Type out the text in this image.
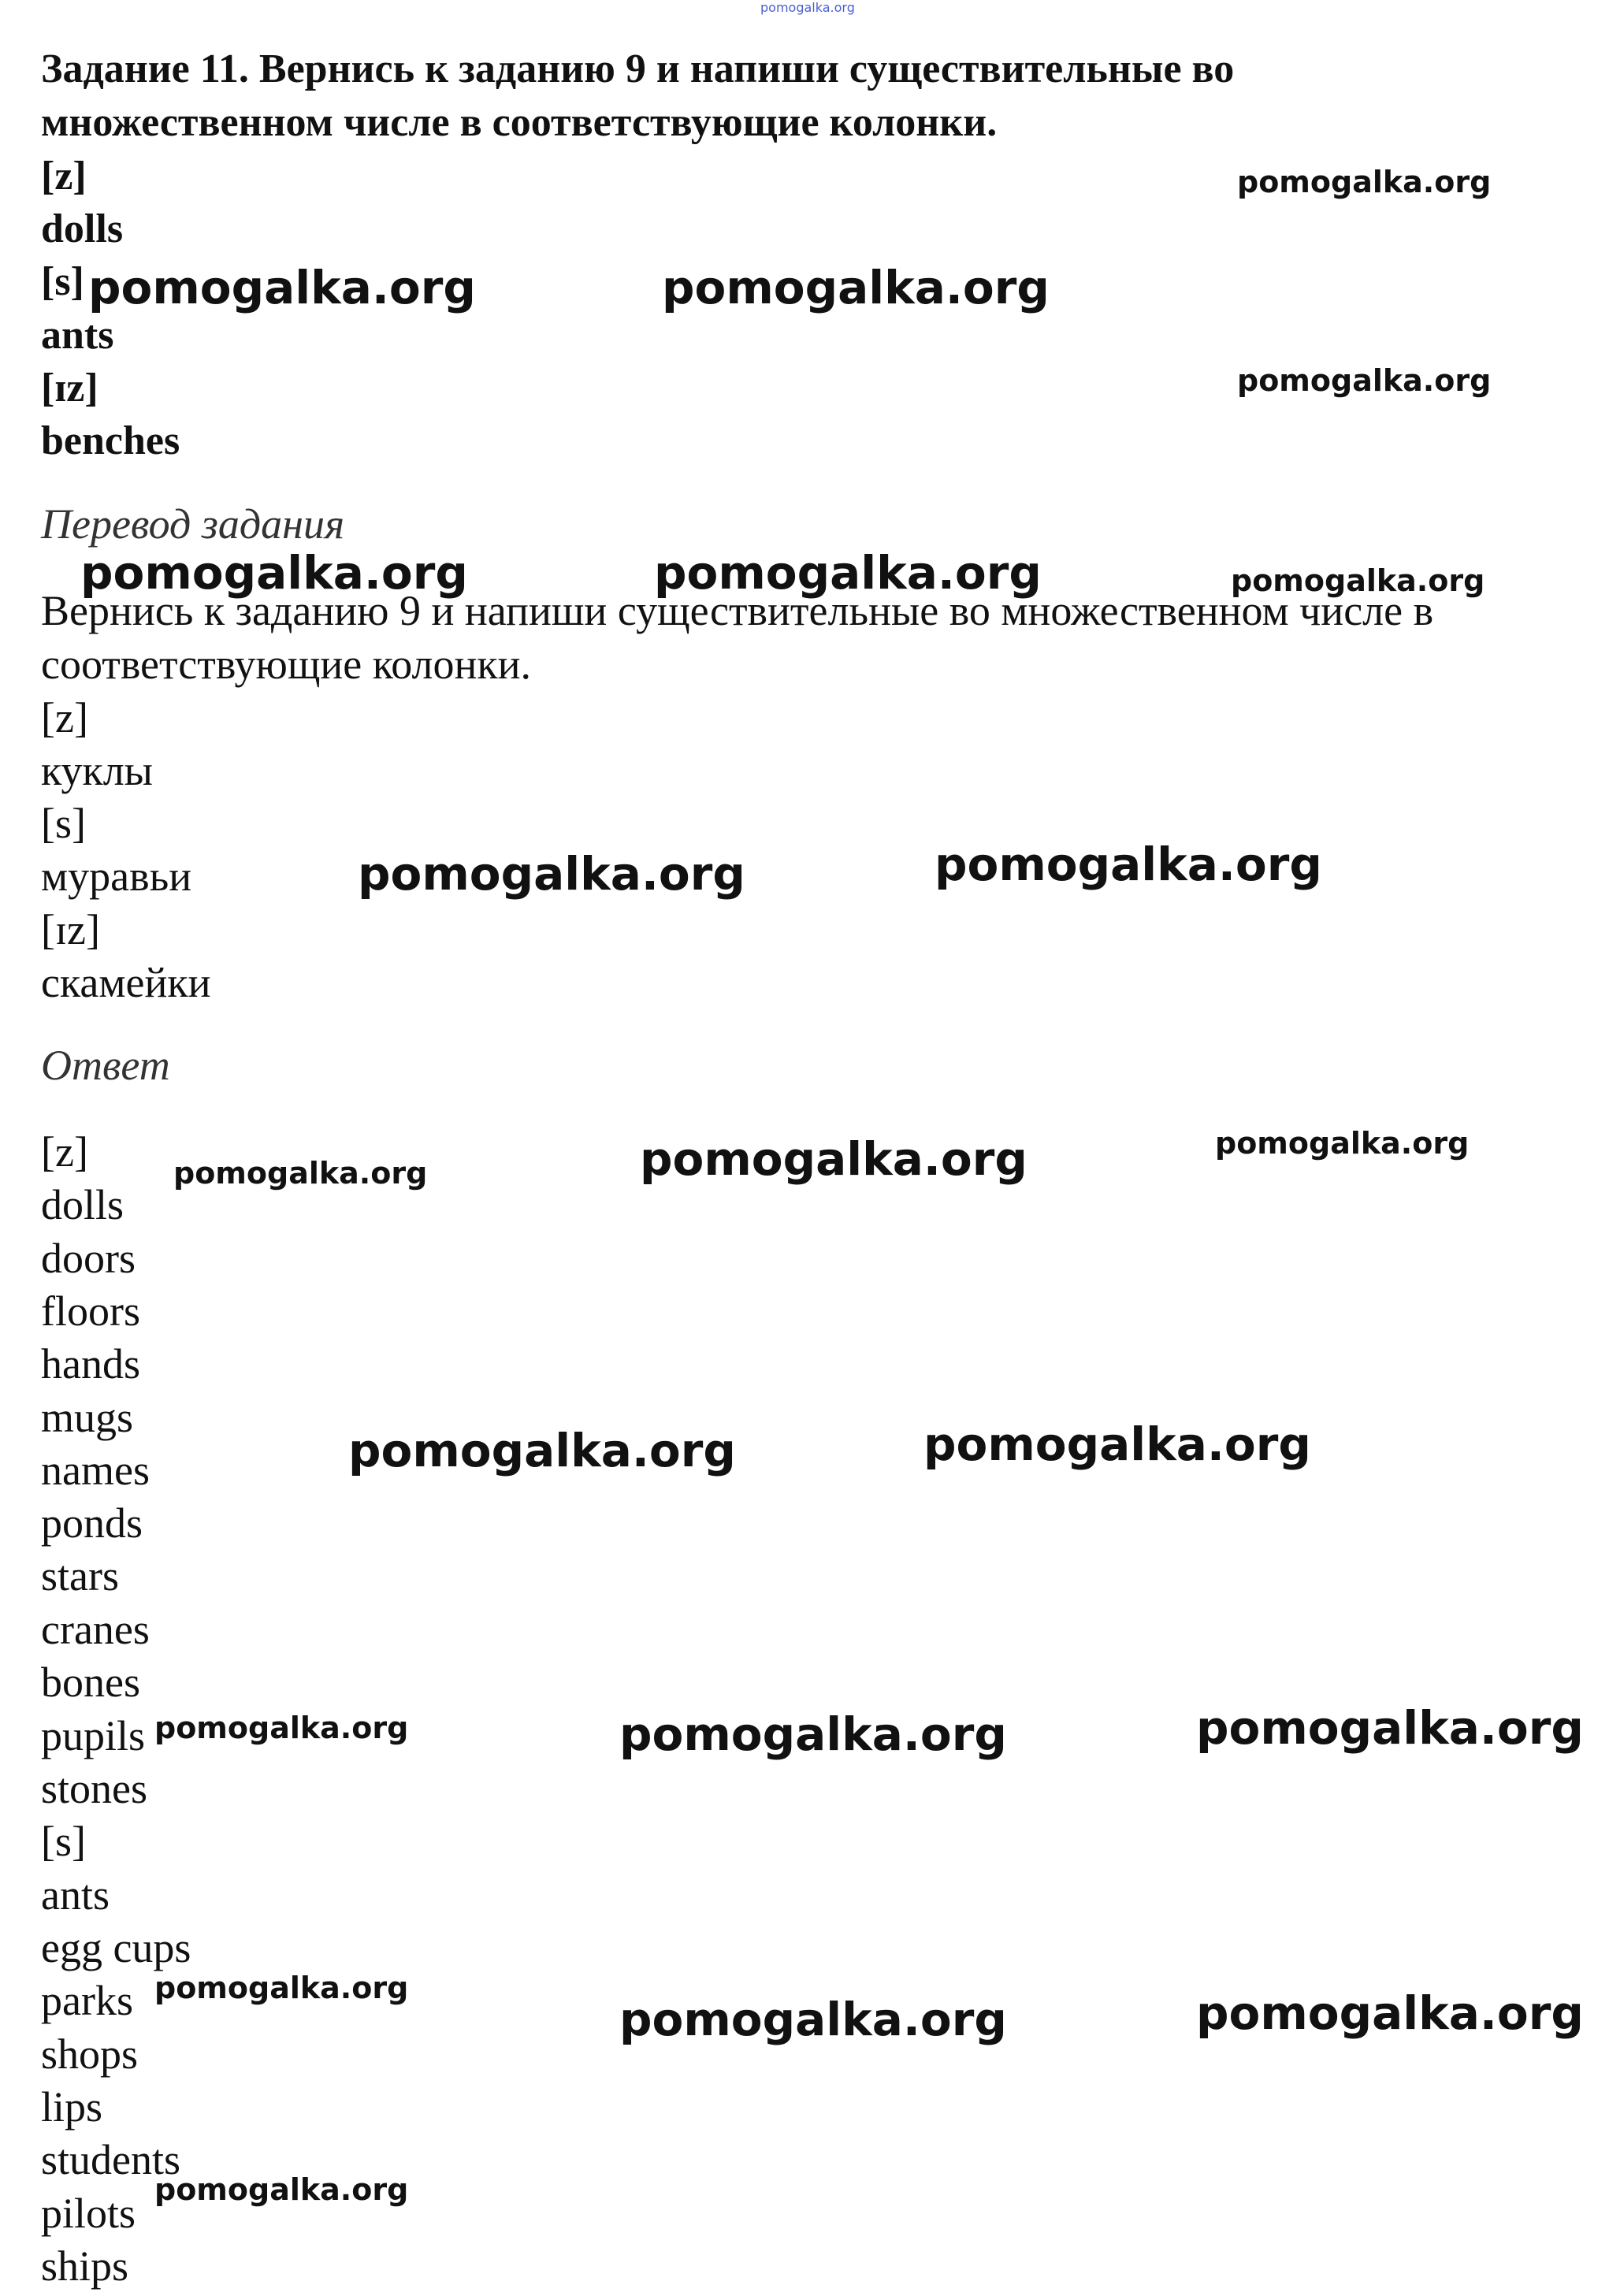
pomogalka.org
Задание 11. Вернись к заданию 9 и напиши существительные во
множественном числе в соответствующие колонки.
[z]
dolls
[s]
ants
[ɪz]
benches
Перевод задания
Вернись к заданию 9 и напиши существительные во множественном числе в
соответствующие колонки.
[z]
куклы
[s]
муравьи
[ɪz]
скамейки
Ответ
[z]
dolls
doors
floors
hands
mugs
names
ponds
stars
cranes
bones
pupils
stones
[s]
ants
egg cups
parks
shops
lips
students
pilots
ships
pomogalka.org
pomogalka.org	pomogalka.org
pomogalka.org
pomogalka.org	pomogalka.org	pomogalka.org
pomogalka.org	pomogalka.org
pomogalka.org	pomogalka.org	pomogalka.org
pomogalka.org	pomogalka.org
pomogalka.org	pomogalka.org	pomogalka.org
pomogalka.org
pomogalka.org	pomogalka.org
pomogalka.org
